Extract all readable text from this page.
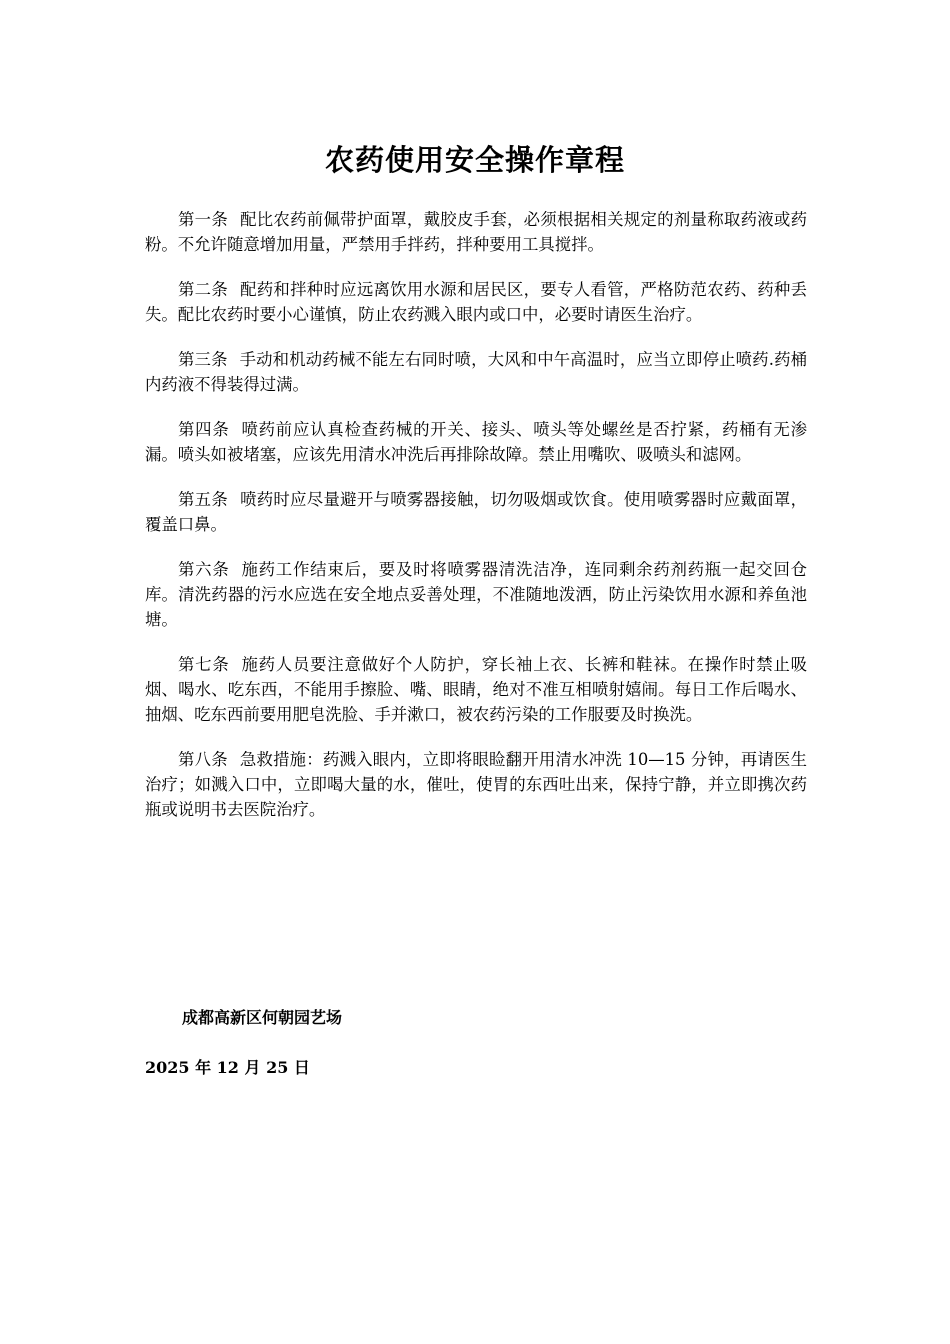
农药使用安全操作章程

第一条 配比农药前佩带护面罩，戴胶皮手套，必须根据相关规定的剂量称取药液或药粉。不允许随意增加用量，严禁用手拌药，拌种要用工具搅拌。

第二条 配药和拌种时应远离饮用水源和居民区，要专人看管，严格防范农药、药种丢失。配比农药时要小心谨慎，防止农药溅入眼内或口中，必要时请医生治疗。

第三条 手动和机动药械不能左右同时喷，大风和中午高温时，应当立即停止喷药.药桶内药液不得装得过满。

第四条 喷药前应认真检查药械的开关、接头、喷头等处螺丝是否拧紧，药桶有无渗漏。喷头如被堵塞，应该先用清水冲洗后再排除故障。禁止用嘴吹、吸喷头和滤网。

第五条 喷药时应尽量避开与喷雾器接触，切勿吸烟或饮食。使用喷雾器时应戴面罩，覆盖口鼻。

第六条 施药工作结束后，要及时将喷雾器清洗洁净，连同剩余药剂药瓶一起交回仓库。清洗药器的污水应选在安全地点妥善处理，不准随地泼洒，防止污染饮用水源和养鱼池塘。

第七条 施药人员要注意做好个人防护，穿长袖上衣、长裤和鞋袜。在操作时禁止吸烟、喝水、吃东西，不能用手擦脸、嘴、眼睛，绝对不准互相喷射嬉闹。每日工作后喝水、抽烟、吃东西前要用肥皂洗脸、手并漱口，被农药污染的工作服要及时换洗。

第八条 急救措施：药溅入眼内，立即将眼睑翻开用清水冲洗 10—15 分钟，再请医生治疗；如溅入口中，立即喝大量的水，催吐，使胃的东西吐出来，保持宁静，并立即携次药瓶或说明书去医院治疗。

成都高新区何朝园艺场

2025 年 12 月 25 日
